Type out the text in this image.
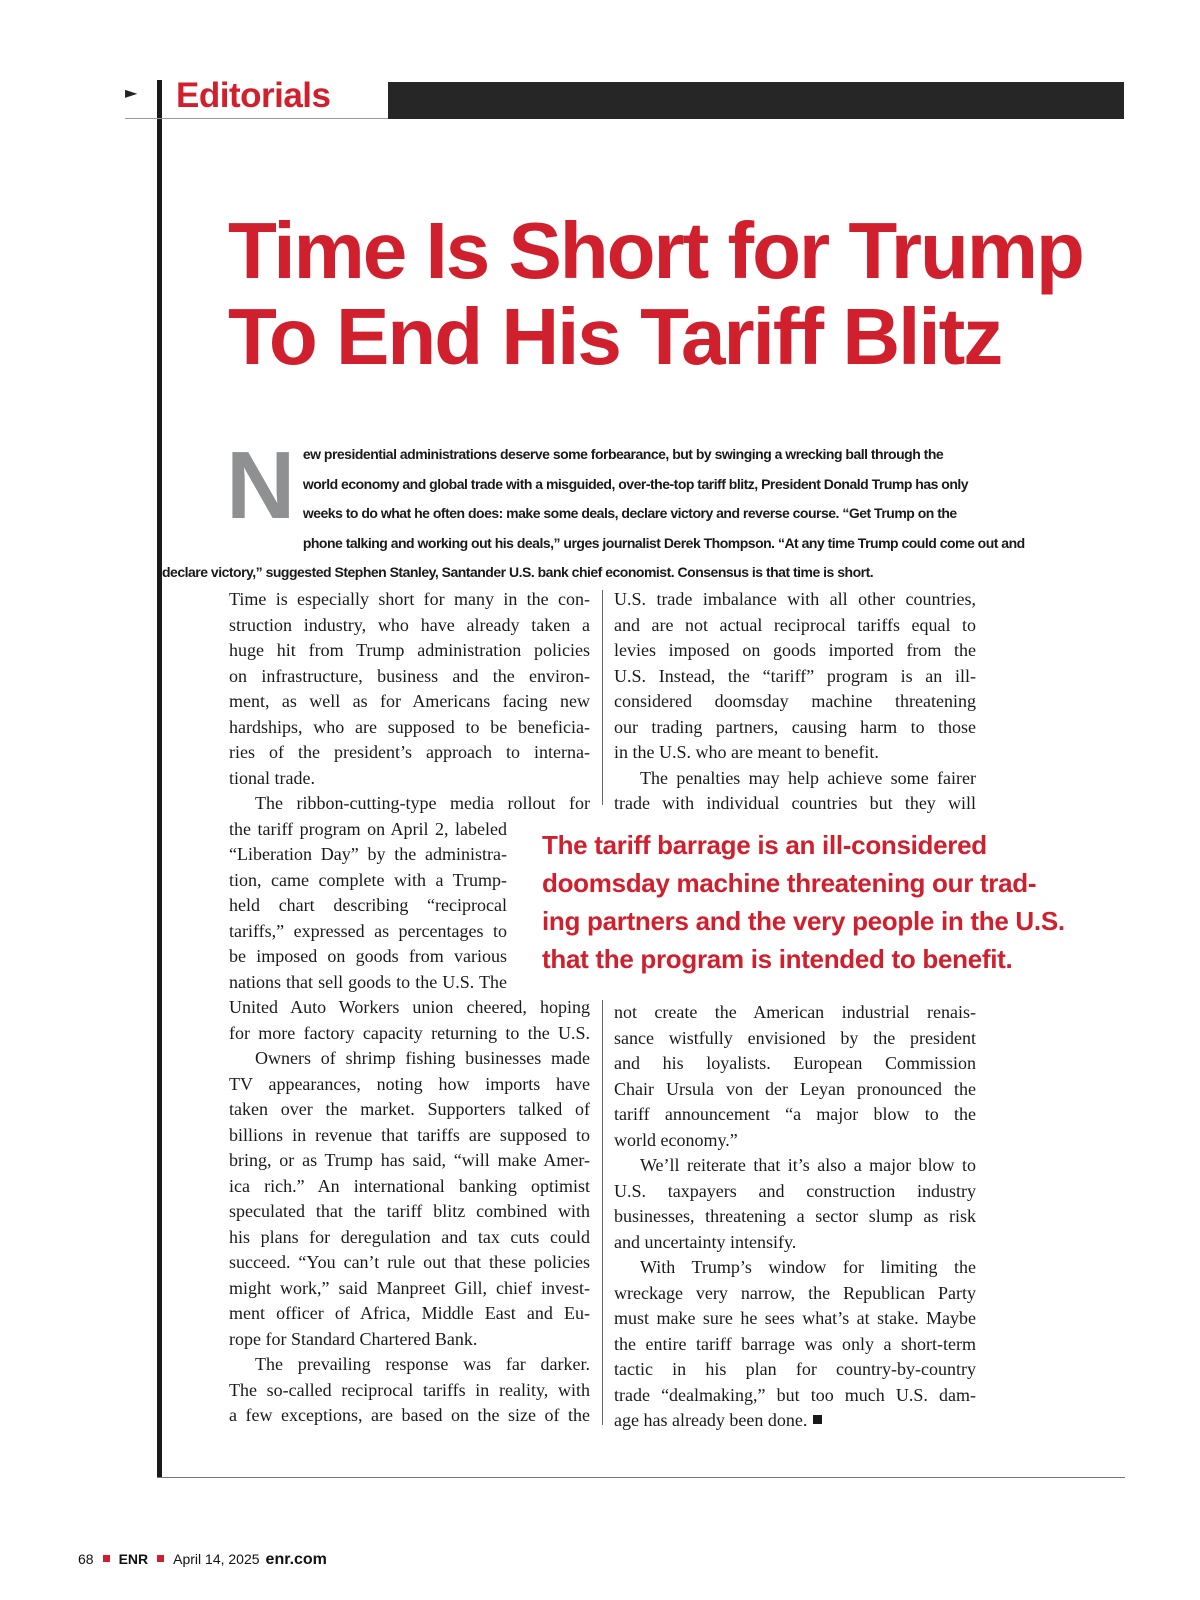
► Editorials
Time Is Short for Trump
To End His Tariff Blitz
N ew presidential administrations deserve some forbearance, but by swinging a wrecking ball through the
world economy and global trade with a misguided, over-the-top tariff blitz, President Donald Trump has only
weeks to do what he often does: make some deals, declare victory and reverse course. “Get Trump on the
phone talking and working out his deals,” urges journalist Derek Thompson. “At any time Trump could come out and
declare victory,” suggested Stephen Stanley, Santander U.S. bank chief economist. Consensus is that time is short.
Time is especially short for many in the con-
struction industry, who have already taken a
huge hit from Trump administration policies
on infrastructure, business and the environ-
ment, as well as for Americans facing new
hardships, who are supposed to be beneficia-
ries of the president’s approach to interna-
tional trade.
The ribbon-cutting-type media rollout for
the tariff program on April 2, labeled
“Liberation Day” by the administra-
tion, came complete with a Trump-
held chart describing “reciprocal
tariffs,” expressed as percentages to
be imposed on goods from various
nations that sell goods to the U.S. The
United Auto Workers union cheered, hoping
for more factory capacity returning to the U.S.
Owners of shrimp fishing businesses made
TV appearances, noting how imports have
taken over the market. Supporters talked of
billions in revenue that tariffs are supposed to
bring, or as Trump has said, “will make Amer-
ica rich.” An international banking optimist
speculated that the tariff blitz combined with
his plans for deregulation and tax cuts could
succeed. “You can’t rule out that these policies
might work,” said Manpreet Gill, chief invest-
ment officer of Africa, Middle East and Eu-
rope for Standard Chartered Bank.
The prevailing response was far darker.
The so-called reciprocal tariffs in reality, with
a few exceptions, are based on the size of the
U.S. trade imbalance with all other countries,
and are not actual reciprocal tariffs equal to
levies imposed on goods imported from the
U.S. Instead, the “tariff” program is an ill-
considered doomsday machine threatening
our trading partners, causing harm to those
in the U.S. who are meant to benefit.
The penalties may help achieve some fairer
trade with individual countries but they will
The tariff barrage is an ill-considered
doomsday machine threatening our trad-
ing partners and the very people in the U.S.
that the program is intended to benefit.
not create the American industrial renais-
sance wistfully envisioned by the president
and his loyalists. European Commission
Chair Ursula von der Leyan pronounced the
tariff announcement “a major blow to the
world economy.”
We’ll reiterate that it’s also a major blow to
U.S. taxpayers and construction industry
businesses, threatening a sector slump as risk
and uncertainty intensify.
With Trump’s window for limiting the
wreckage very narrow, the Republican Party
must make sure he sees what’s at stake. Maybe
the entire tariff barrage was only a short-term
tactic in his plan for country-by-country
trade “dealmaking,” but too much U.S. dam-
age has already been done.
68 ENR April 14, 2025 enr.com
